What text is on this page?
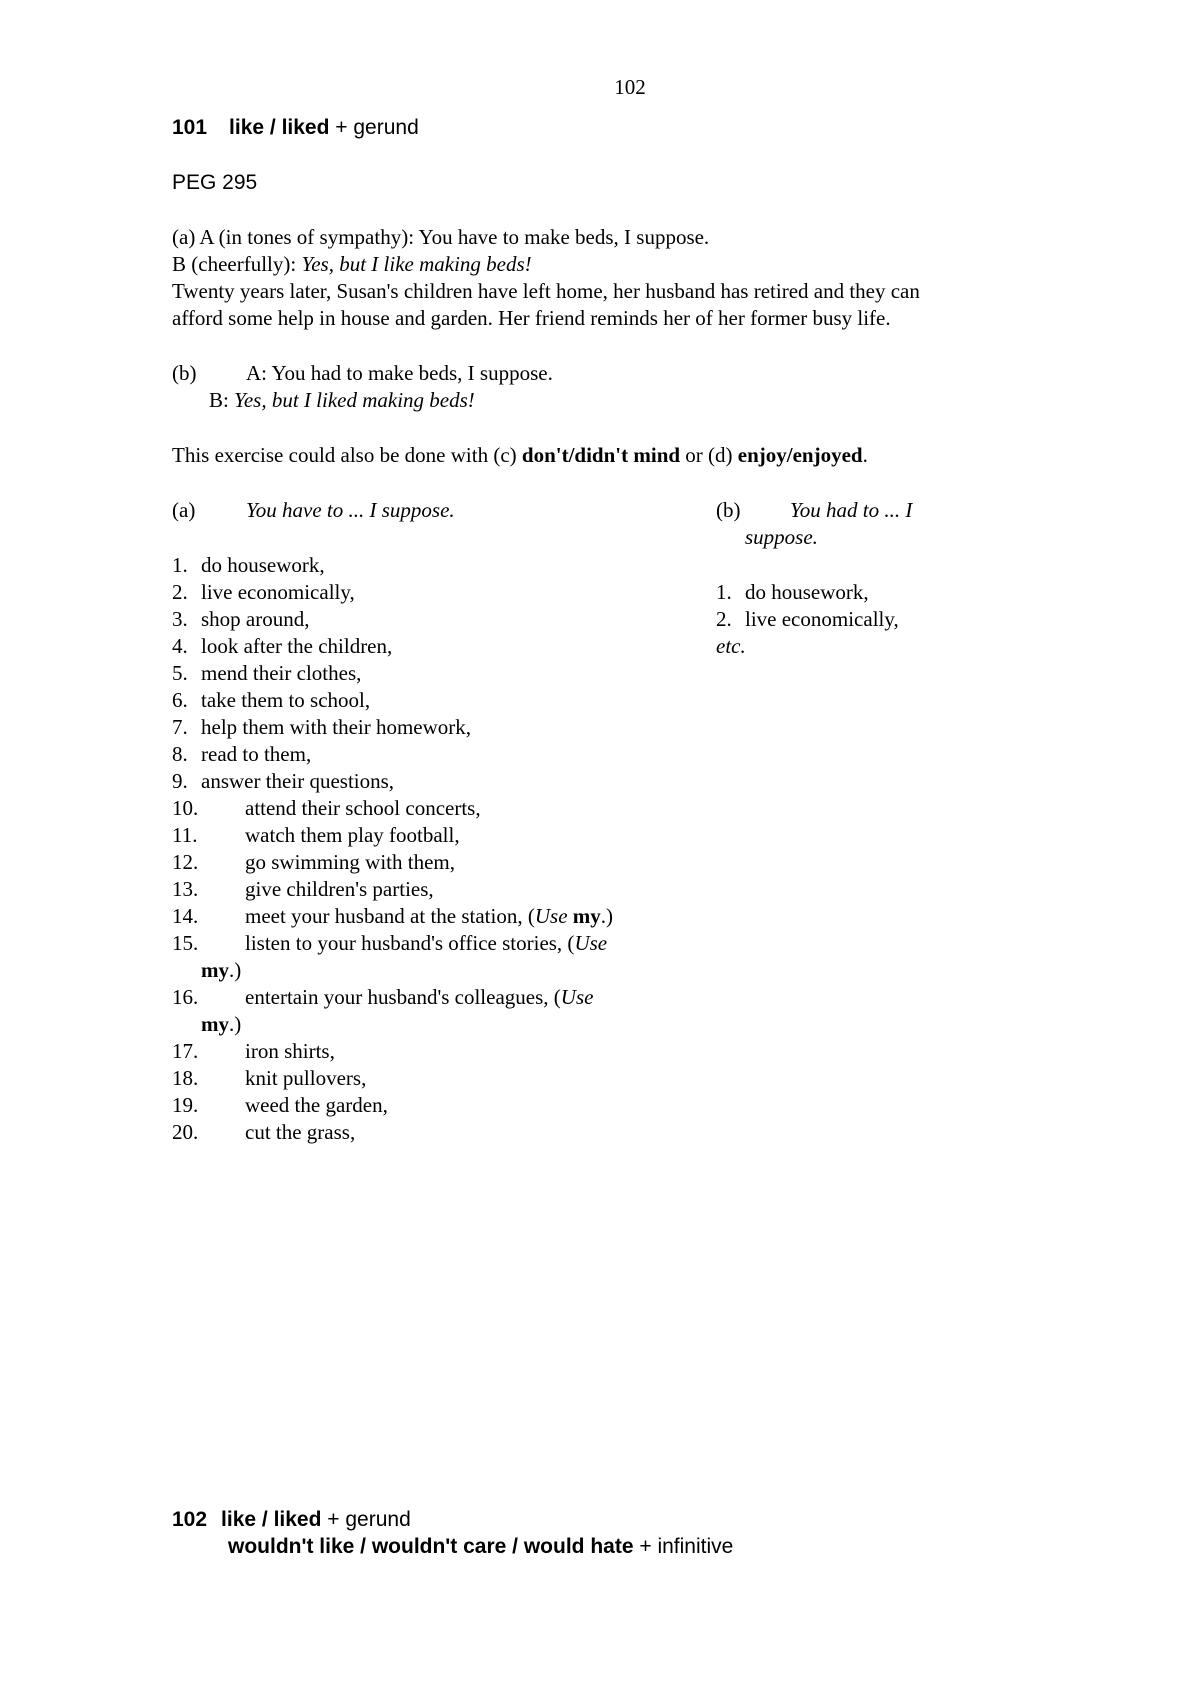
102
101 like / liked + gerund
PEG 295
(a) A (in tones of sympathy): You have to make beds, I suppose.
B (cheerfully): Yes, but I like making beds!
Twenty years later, Susan's children have left home, her husband has retired and they can
afford some help in house and garden. Her friend reminds her of her former busy life.
(b) A: You had to make beds, I suppose.
B: Yes, but I liked making beds!
This exercise could also be done with (c) don't/didn't mind or (d) enjoy/enjoyed.
(a) You have to ... I suppose.	(b) You had to ... I
suppose.
1. do housework,
2. live economically,
3. shop around,
4. look after the children,
5. mend their clothes,
6. take them to school,
7. help them with their homework,
8. read to them,
9. answer their questions,
10. attend their school concerts,
11. watch them play football,
12. go swimming with them,
13. give children's parties,
14. meet your husband at the station, (Use my.)
15. listen to your husband's office stories, (Use
my.)
16. entertain your husband's colleagues, (Use
my.)
17. iron shirts,
18. knit pullovers,
19. weed the garden,
20. cut the grass,
1. do housework,
2. live economically,
etc.
102 like / liked + gerund
wouldn't like / wouldn't care / would hate + infinitive
